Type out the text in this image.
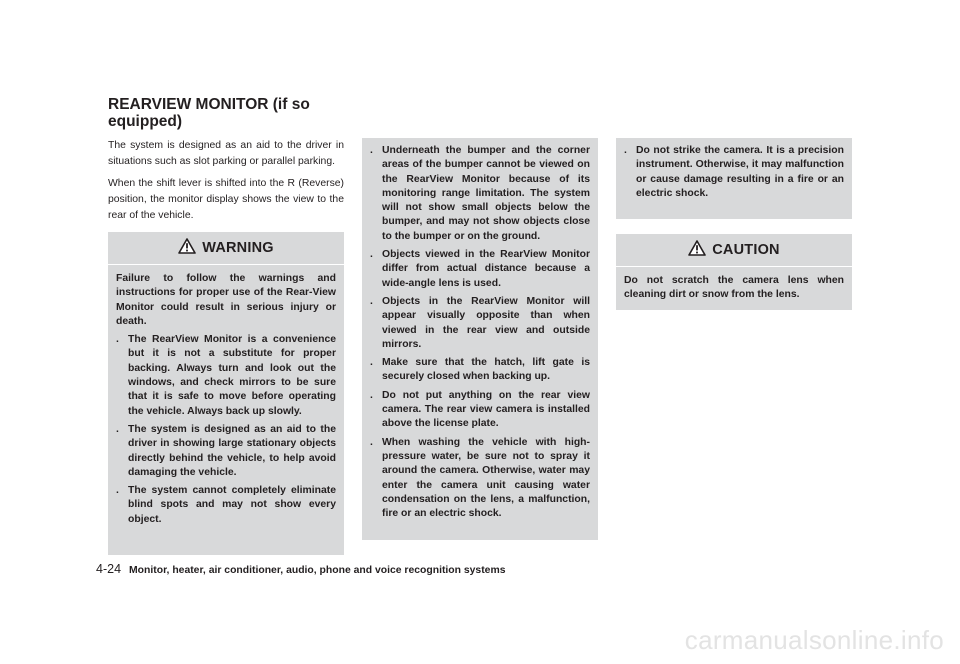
REARVIEW MONITOR (if so equipped)

The system is designed as an aid to the driver in situations such as slot parking or parallel parking.

When the shift lever is shifted into the R (Reverse) position, the monitor display shows the view to the rear of the vehicle.

WARNING

Failure to follow the warnings and instructions for proper use of the Rear-View Monitor could result in serious injury or death.

. The RearView Monitor is a convenience but it is not a substitute for proper backing. Always turn and look out the windows, and check mirrors to be sure that it is safe to move before operating the vehicle. Always back up slowly.
. The system is designed as an aid to the driver in showing large stationary objects directly behind the vehicle, to help avoid damaging the vehicle.
. The system cannot completely eliminate blind spots and may not show every object.
. Underneath the bumper and the corner areas of the bumper cannot be viewed on the RearView Monitor because of its monitoring range limitation. The system will not show small objects below the bumper, and may not show objects close to the bumper or on the ground.
. Objects viewed in the RearView Monitor differ from actual distance because a wide-angle lens is used.
. Objects in the RearView Monitor will appear visually opposite than when viewed in the rear view and outside mirrors.
. Make sure that the hatch, lift gate is securely closed when backing up.
. Do not put anything on the rear view camera. The rear view camera is installed above the license plate.
. When washing the vehicle with high-pressure water, be sure not to spray it around the camera. Otherwise, water may enter the camera unit causing water condensation on the lens, a malfunction, fire or an electric shock.
. Do not strike the camera. It is a precision instrument. Otherwise, it may malfunction or cause damage resulting in a fire or an electric shock.
CAUTION

Do not scratch the camera lens when cleaning dirt or snow from the lens.

4-24 Monitor, heater, air conditioner, audio, phone and voice recognition systems
carmanualsonline.info
